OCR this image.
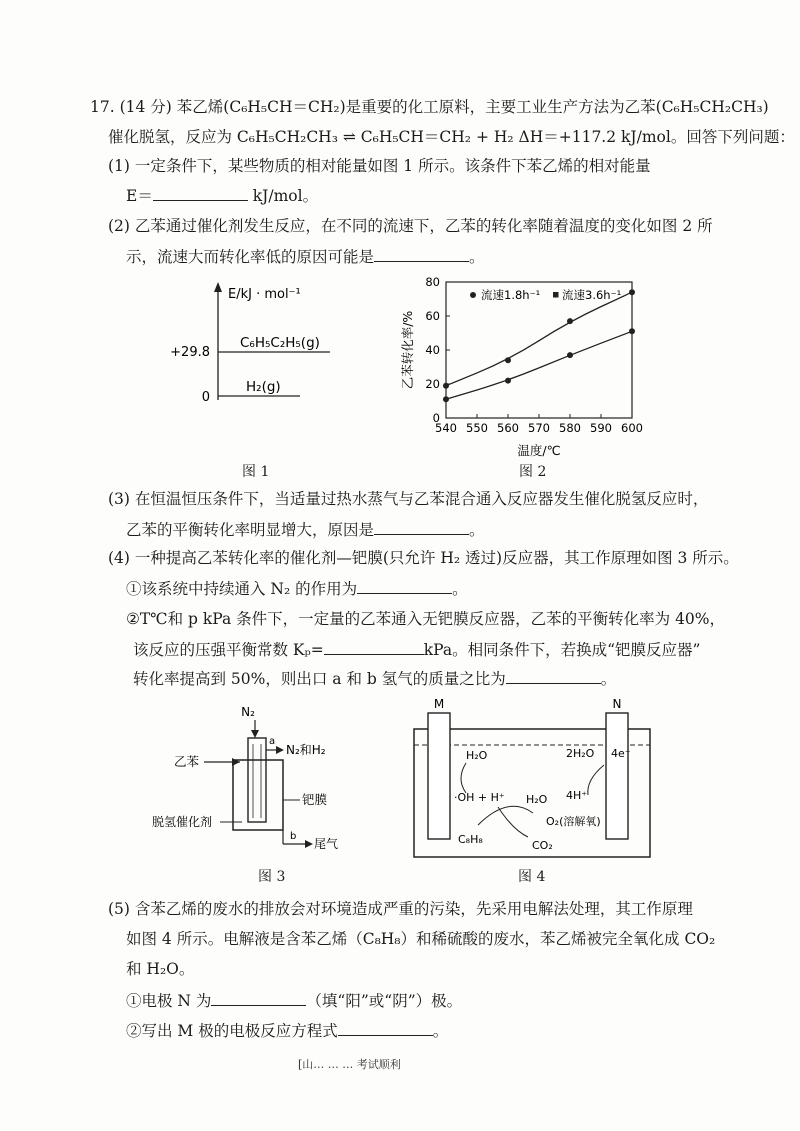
17. (14 分) 苯乙烯(C₆H₅CH＝CH₂)是重要的化工原料，主要工业生产方法为乙苯(C₆H₅CH₂CH₃)
催化脱氢，反应为 C₆H₅CH₂CH₃ ⇌ C₆H₅CH＝CH₂ + H₂ ΔH＝+117.2 kJ/mol。回答下列问题：
(1) 一定条件下，某些物质的相对能量如图 1 所示。该条件下苯乙烯的相对能量
E＝	kJ/mol。
(2) 乙苯通过催化剂发生反应，在不同的流速下，乙苯的转化率随着温度的变化如图 2 所
示，流速大而转化率低的原因可能是	。
E/kJ · mol⁻¹
+29.8
C₆H₅C₂H₅(g)
0
H₂(g)
图 1
乙苯转化率/%
温度/℃
流速1.8h⁻¹ 流速3.6h⁻¹
540 550 560 570 580 590 600
0
20
40
60
80
图 2
(3) 在恒温恒压条件下，当适量过热水蒸气与乙苯混合通入反应器发生催化脱氢反应时，
乙苯的平衡转化率明显增大，原因是	。
(4) 一种提高乙苯转化率的催化剂—钯膜(只允许 H₂ 透过)反应器，其工作原理如图 3 所示。
①该系统中持续通入 N₂ 的作用为	。
②T℃和 p kPa 条件下，一定量的乙苯通入无钯膜反应器，乙苯的平衡转化率为 40%，
该反应的压强平衡常数 Kₚ=	kPa。相同条件下，若换成“钯膜反应器”
转化率提高到 50%，则出口 a 和 b 氢气的质量之比为	。
N₂
a
N₂和H₂
乙苯
钯膜
脱氢催化剂
b
尾气
图 3
M	N
H₂O
·OH + H⁺ H₂O
C₈H₈	CO₂
2H₂O 4e⁻
4H⁺
O₂(溶解氧)
图 4
(5) 含苯乙烯的废水的排放会对环境造成严重的污染，先采用电解法处理，其工作原理
如图 4 所示。电解液是含苯乙烯（C₈H₈）和稀硫酸的废水，苯乙烯被完全氧化成 CO₂
和 H₂O。
①电极 N 为	（填“阳”或“阴”）极。
②写出 M 极的电极反应方程式	。
[山… … … 考试顺利
